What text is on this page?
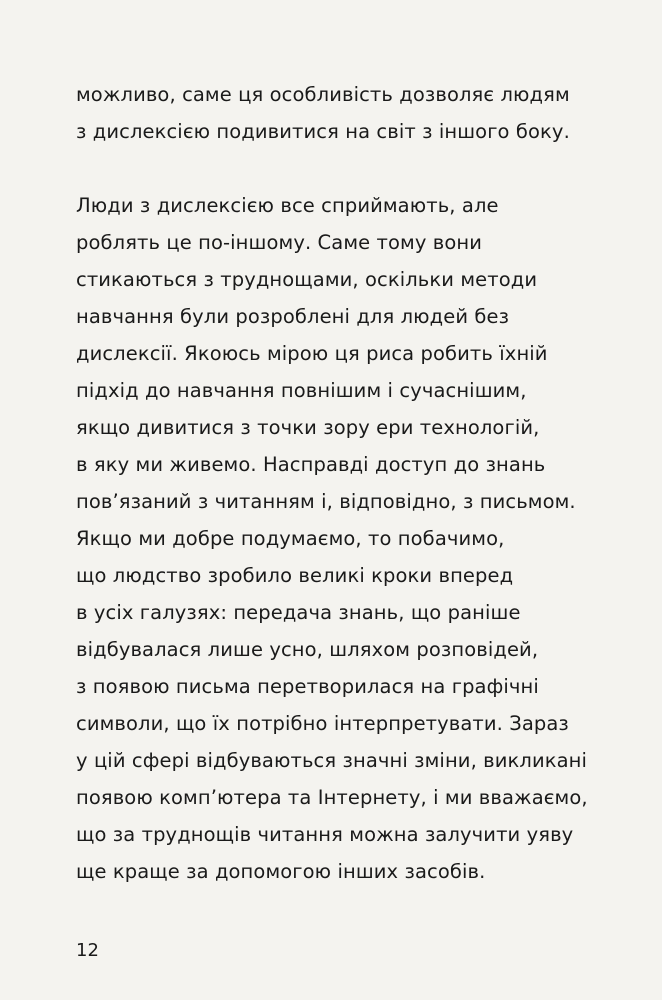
можливо, саме ця особливість дозволяє людям
з дислексією подивитися на світ з іншого боку.
Люди з дислексією все сприймають, але
роблять це по-іншому. Саме тому вони
стикаються з труднощами, оскільки методи
навчання були розроблені для людей без
дислексії. Якоюсь мірою ця риса робить їхній
підхід до навчання повнішим і сучаснішим,
якщо дивитися з точки зору ери технологій,
в яку ми живемо. Насправді доступ до знань
пов’язаний з читанням і, відповідно, з письмом.
Якщо ми добре подумаємо, то побачимо,
що людство зробило великі кроки вперед
в усіх галузях: передача знань, що раніше
відбувалася лише усно, шляхом розповідей,
з появою письма перетворилася на графічні
символи, що їх потрібно інтерпретувати. Зараз
у цій сфері відбуваються значні зміни, викликані
появою комп’ютера та Інтернету, і ми вважаємо,
що за труднощів читання можна залучити уяву
ще краще за допомогою інших засобів.
12
